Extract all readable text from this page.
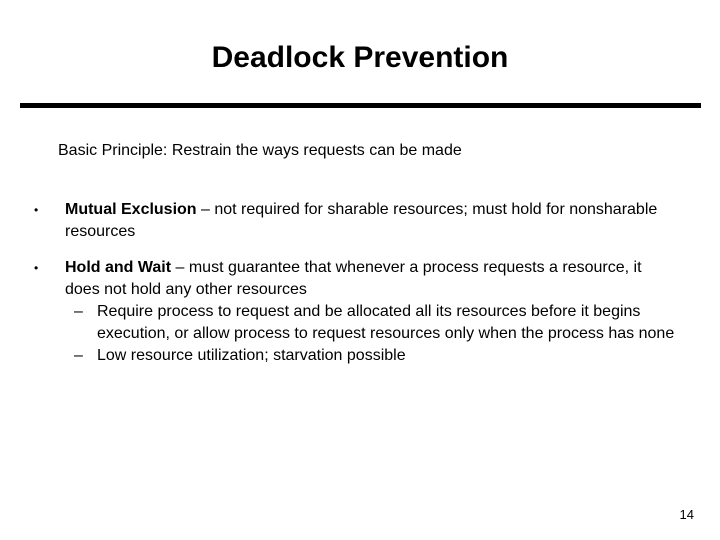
Deadlock Prevention
Basic Principle: Restrain the ways requests can be made
• Mutual Exclusion – not required for sharable resources; must hold for nonsharable resources
• Hold and Wait – must guarantee that whenever a process requests a resource, it does not hold any other resources
– Require process to request and be allocated all its resources before it begins execution, or allow process to request resources only when the process has none
– Low resource utilization; starvation possible
14
